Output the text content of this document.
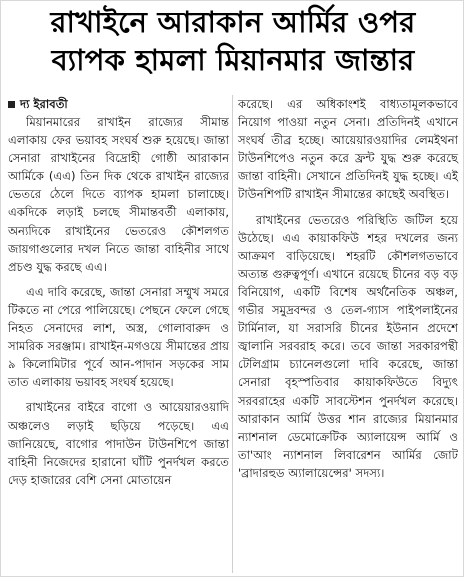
রাখাইনে আরাকান আর্মির ওপর
ব্যাপক হামলা মিয়ানমার জান্তার
দ্য ইরাবতী

মিয়ানমারের রাখাইন রাজ্যের সীমান্ত এলাকায় ফের ভয়াবহ সংঘর্ষ শুরু হয়েছে। জান্তা সেনারা রাখাইনের বিদ্রোহী গোষ্ঠী আরাকান আর্মিকে (এএ) তিন দিক থেকে রাখাইন রাজ্যের ভেতরে ঠেলে দিতে ব্যাপক হামলা চালাচ্ছে। একদিকে লড়াই চলছে সীমান্তবর্তী এলাকায়, অন্যদিকে রাখাইনের ভেতরেও কৌশলগত জায়গাগুলোর দখল নিতে জান্তা বাহিনীর সাথে প্রচণ্ড যুদ্ধ করছে এএ।

এএ দাবি করেছে, জান্তা সেনারা সম্মুখ সমরে টিকতে না পেরে পালিয়েছে। পেছনে ফেলে গেছে নিহত সেনাদের লাশ, অস্ত্র, গোলাবারুদ ও সামরিক সরঞ্জাম। রাখাইন-মগওয়ে সীমান্তের প্রায় ৯ কিলোমিটার পূর্বে আন-পাদান সড়কের সাম তাত এলাকায় ভয়াবহ সংঘর্ষ হয়েছে।

রাখাইনের বাইরে বাগো ও আয়েয়ারওয়াদি অঞ্চলেও লড়াই ছড়িয়ে পড়েছে। এএ জানিয়েছে, বাগোর পাদাউন টাউনশিপে জান্তা বাহিনী নিজেদের হারানো ঘাঁটি পুনর্দখল করতে দেড় হাজারের বেশি সেনা মোতায়েন

করেছে। এর অধিকাংশই বাধ্যতামূলকভাবে নিয়োগ পাওয়া নতুন সেনা। প্রতিদিনই এখানে সংঘর্ষ তীব্র হচ্ছে। আয়েয়ারওয়াদির লেমইথনা টাউনশিপেও নতুন করে ফ্রন্ট যুদ্ধ শুরু করেছে জান্তা বাহিনী। সেখানে প্রতিদিনই যুদ্ধ হচ্ছে। এই টাউনশিপটি রাখাইন সীমান্তের কাছেই অবস্থিত।

রাখাইনের ভেতরেও পরিস্থিতি জটিল হয়ে উঠেছে। এএ কায়াকফিউ শহর দখলের জন্য আক্রমণ বাড়িয়েছে। শহরটি কৌশলগতভাবে অত্যন্ত গুরুত্বপূর্ণ। এখানে রয়েছে চীনের বড় বড় বিনিয়োগ, একটি বিশেষ অর্থনৈতিক অঞ্চল, গভীর সমুদ্রবন্দর ও তেল-গ্যাস পাইপলাইনের টার্মিনাল, যা সরাসরি চীনের ইউনান প্রদেশে জ্বালানি সরবরাহ করে। তবে জান্তা সরকারপন্থী টেলিগ্রাম চ্যানেলগুলো দাবি করেছে, জান্তা সেনারা বৃহস্পতিবার কায়াকফিউতে বিদ্যুৎ সরবরাহের একটি সাবস্টেশন পুনর্দখল করেছে। আরাকান আর্মি উত্তর শান রাজ্যের মিয়ানমার ন্যাশনাল ডেমোক্রেটিক অ্যালায়েন্স আর্মি ও তা'আং ন্যাশনাল লিবারেশন আর্মির জোট 'ব্রাদারহুড অ্যালায়েন্সের' সদস্য।
